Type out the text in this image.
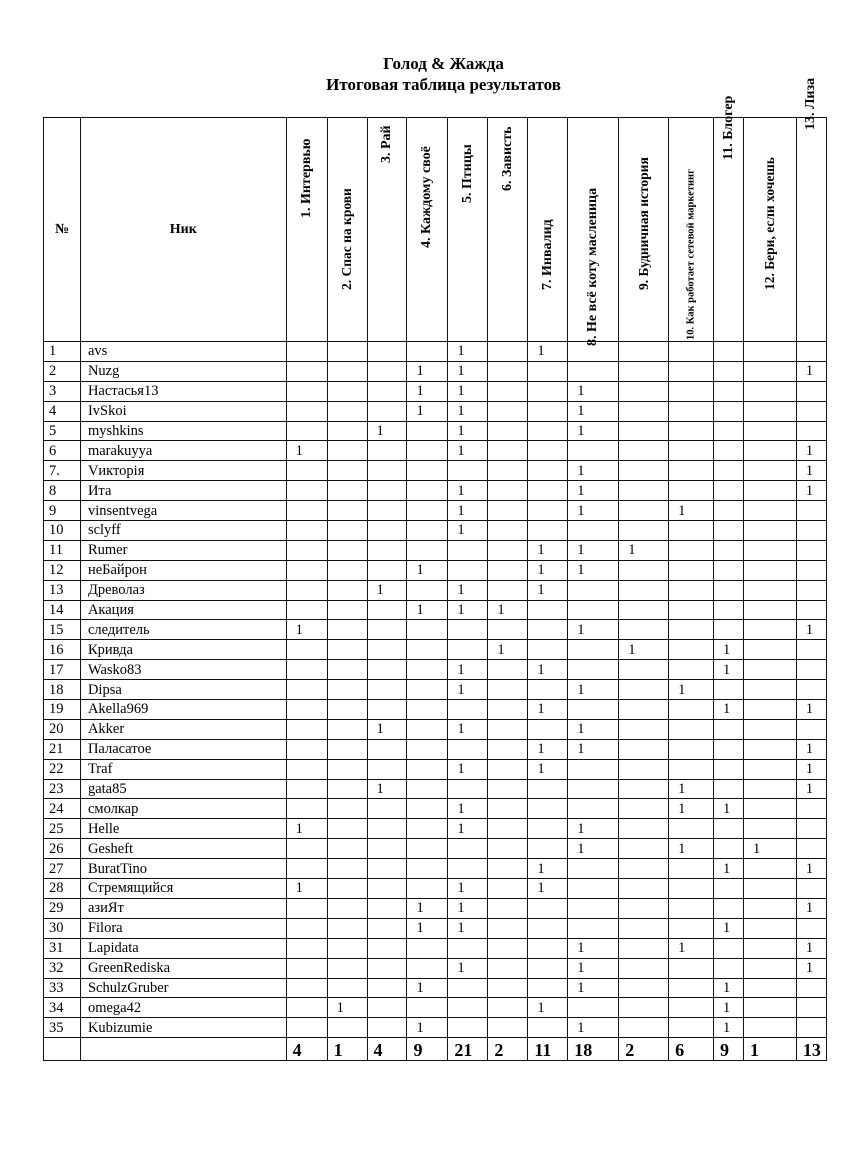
Голод & Жажда
Итоговая таблица результатов
№	Ник	1. Интервью	2. Спас на крови	3. Рай	4. Каждому своё	5. Птицы	6. Зависть	7. Инвалид	8. Не всё коту масленица	9. Будничная история	10. Как работает сетевой маркетинг	11. Блогер	12. Бери, если хочешь	13. Лиза

1	avs					1		1						
2	Nuzg				1	1								1
3	Настасья13				1	1			1					
4	IvSkoi				1	1			1					
5	myshkins			1		1			1					
6	marakuyya	1				1								1
7.	Vикторія								1					1
8	Ита					1			1					1
9	vinsentvega					1			1		1			
10	sclyff					1								
11	Rumer							1	1	1				
12	неБайрон				1			1	1					
13	Древолаз			1		1		1						
14	Акация				1	1	1							
15	следитель	1							1					1
16	Кривда						1			1		1		
17	Wasko83					1		1				1		
18	Dipsa					1			1		1			
19	Akella969							1				1		1
20	Akker			1		1			1					
21	Паласатое							1	1					1
22	Traf					1		1						1
23	gata85			1							1			1
24	смолкар					1					1	1		
25	Helle	1				1			1					
26	Gesheft								1		1		1	
27	BuratTino							1				1		1
28	Стремящийся	1				1		1						
29	азиЯт				1	1								1
30	Filora				1	1						1		
31	Lapidata								1		1			1
32	GreenRediska					1			1					1
33	SchulzGruber				1				1			1		
34	omega42		1					1				1		
35	Kubizumie				1				1			1		
		4	1	4	9	21	2	11	18	2	6	9	1	13
